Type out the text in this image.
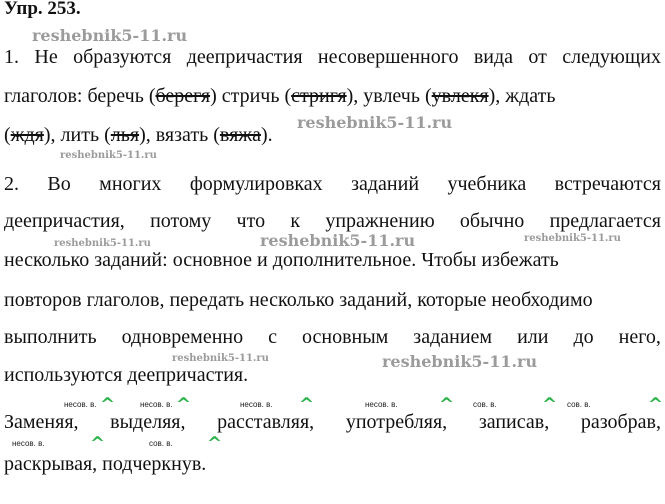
Упр. 253.
reshebnik5-11.ru
reshebnik5-11.ru
reshebnik5-11.ru
reshebnik5-11.ru	reshebnik5-11.ru	reshebnik5-11.ru
reshebnik5-11.ru	reshebnik5-11.ru
1. Не образуются деепричастия несовершенного вида от следующих
глаголов: беречь (берегя) стричь (стригя), увлечь (увлекя), ждать
(ждя), лить (лья), вязать (вяжа).
2. Во многих формулировках заданий учебника встречаются
деепричастия, потому что к упражнению обычно предлагается
несколько заданий: основное и дополнительное. Чтобы избежать
повторов глаголов, передать несколько заданий, которые необходимо
выполнить одновременно с основным заданием или до него,
используются деепричастия.
несов. в.	несов. в.	несов. в.	несов. в.	сов. в.	сов. в.
^	^	^	^	^	^
Заменяя, выделяя, расставляя, употребляя, записав, разобрав,
несов. в.	сов. в.
^	^
раскрывая, подчеркнув.
